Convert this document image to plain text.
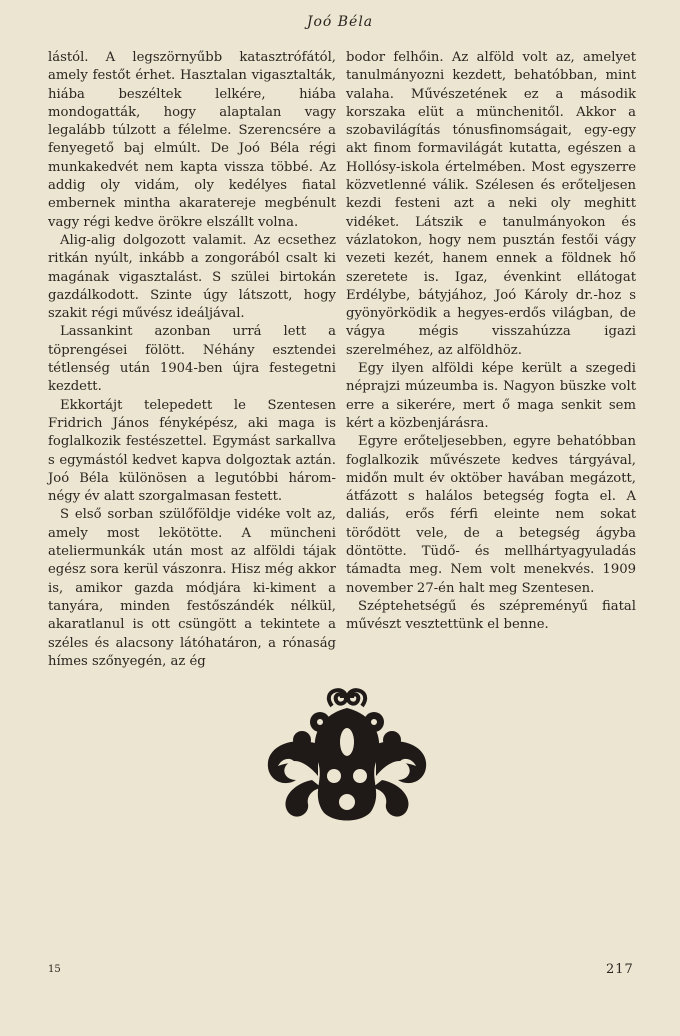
Joó Béla

lástól. A legszörnyűbb katasztrófától, amely festőt érhet. Hasztalan vigasztalták, hiába beszéltek lelkére, hiába mondogatták, hogy alaptalan vagy legalább túlzott a félelme. Szerencsére a fenyegető baj elmúlt. De Joó Béla régi munkakedvét nem kapta vissza többé. Az addig oly vidám, oly kedélyes fiatal embernek mintha akaratereje megbénult vagy régi kedve örökre elszállt volna.

Alig-alig dolgozott valamit. Az ecsethez ritkán nyúlt, inkább a zongorából csalt ki magának vigasztalást. S szülei birtokán gazdálkodott. Szinte úgy látszott, hogy szakit régi művész ideáljával.

Lassankint azonban urrá lett a töprengései fölött. Néhány esztendei tétlenség után 1904-ben újra festegetni kezdett.

Ekkortájt telepedett le Szentesen Fridrich János fényképész, aki maga is foglalkozik festészettel. Egymást sarkallva s egymástól kedvet kapva dolgoztak aztán. Joó Béla különösen a legutóbbi három-négy év alatt szorgalmasan festett.

S első sorban szülőföldje vidéke volt az, amely most lekötötte. A müncheni ateliermunkák után most az alföldi tájak egész sora kerül vászonra. Hisz még akkor is, amikor gazda módjára ki-kiment a tanyára, minden festőszándék nélkül, akaratlanul is ott csüngött a tekintete a széles és alacsony látóhatáron, a rónaság hímes szőnyegén, az ég

bodor felhőin. Az alföld volt az, amelyet tanulmányozni kezdett, behatóbban, mint valaha. Művészetének ez a második korszaka elüt a münchenitől. Akkor a szobavilágítás tónusfinomságait, egy-egy akt finom formavilágát kutatta, egészen a Hollósy-iskola értelmében. Most egyszerre közvetlenné válik. Szélesen és erőteljesen kezdi festeni azt a neki oly meghitt vidéket. Látszik e tanulmányokon és vázlatokon, hogy nem pusztán festői vágy vezeti kezét, hanem ennek a földnek hő szeretete is. Igaz, évenkint ellátogat Erdélybe, bátyjához, Joó Károly dr.-hoz s gyönyörködik a hegyes-erdős világban, de vágya mégis visszahúzza igazi szerelméhez, az alföldhöz.

Egy ilyen alföldi képe került a szegedi néprajzi múzeumba is. Nagyon büszke volt erre a sikerére, mert ő maga senkit sem kért a közbenjárásra.

Egyre erőteljesebben, egyre behatóbban foglalkozik művészete kedves tárgyával, midőn mult év oktöber havában megázott, átfázott s halálos betegség fogta el. A daliás, erős férfi eleinte nem sokat törődött vele, de a betegség ágyba döntötte. Tüdő- és mellhártyagyuladás támadta meg. Nem volt menekvés. 1909 november 27-én halt meg Szentesen.

Széptehetségű és szépreményű fiatal művészt vesztettünk el benne.

15	217
